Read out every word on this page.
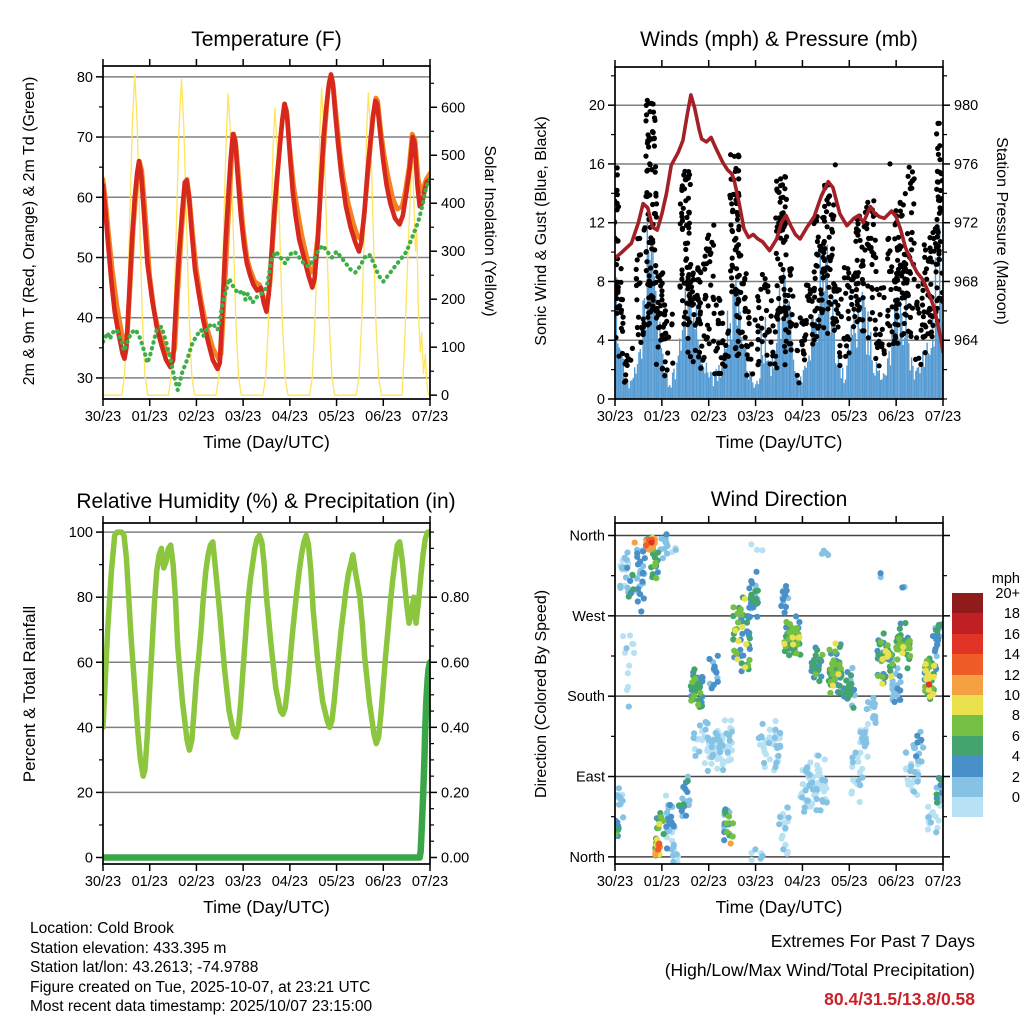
30/23 01/23 02/23 03/23 04/23 05/23 06/23 07/23
30
40
50
60
70
80
0
100
200
300
400
500
600
30/23 01/23 02/23 03/23 04/23 05/23 06/23 07/23
0
4
8
12
16
20
964
968
972
976
980
30/23 01/23 02/23 03/23 04/23 05/23 06/23 07/23
0
20
40
60
80
100
0.00
0.20
0.40
0.60
0.80
30/23 01/23 02/23 03/23 04/23 05/23 06/23 07/23
North
East
South
West
North
Temperature (F)	Winds (mph) & Pressure (mb)
Relative Humidity (%) & Precipitation (in)	Wind Direction
Time (Day/UTC)	Time (Day/UTC)
Time (Day/UTC)	Time (Day/UTC)
2m & 9m T (Red, Orange) & 2m Td (Green)	Solar Insolation (Yellow) Sonic Wind & Gust (Blue, Black)	Station Pressure (Maroon)
Percent & Total Rainfall	Direction (Colored By Speed)
mph
20+
18
16
14
12
10
8
6
4
2
0
Location: Cold Brook
Station elevation: 433.395 m
Station lat/lon: 43.2613; -74.9788
Figure created on Tue, 2025-10-07, at 23:21 UTC
Most recent data timestamp: 2025/10/07 23:15:00
Extremes For Past 7 Days
(High/Low/Max Wind/Total Precipitation)
80.4/31.5/13.8/0.58
